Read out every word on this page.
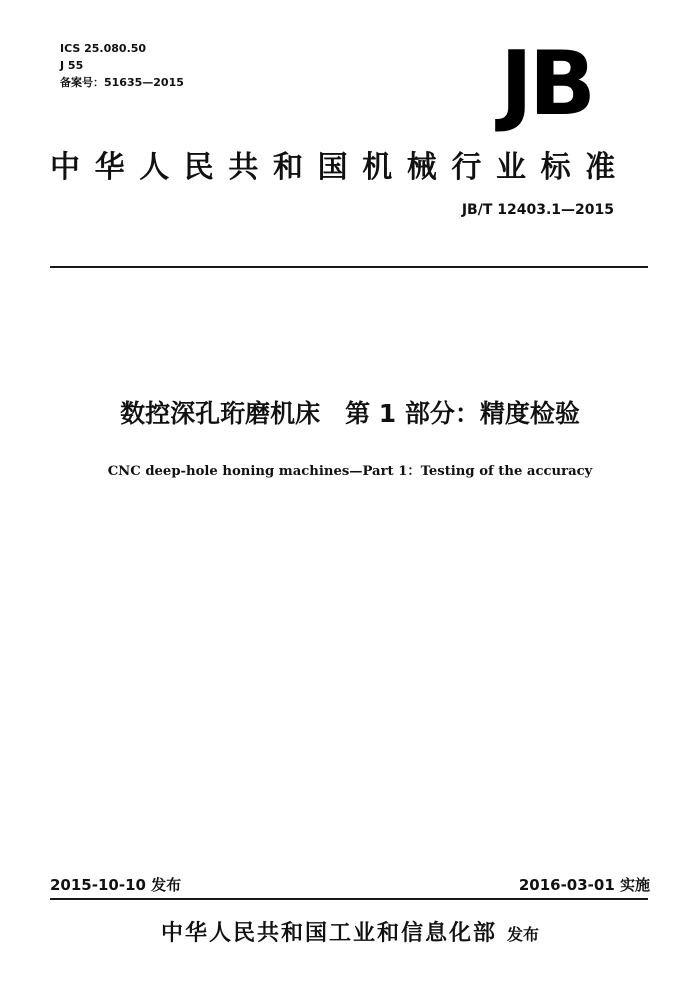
ICS 25.080.50
J 55
备案号：51635—2015	JB
中华人民共和国机械行业标准
JB/T 12403.1—2015
数控深孔珩磨机床　第 1 部分：精度检验
CNC deep-hole honing machines—Part 1：Testing of the accuracy
2015-10-10 发布	2016-03-01 实施
中华人民共和国工业和信息化部 发布
